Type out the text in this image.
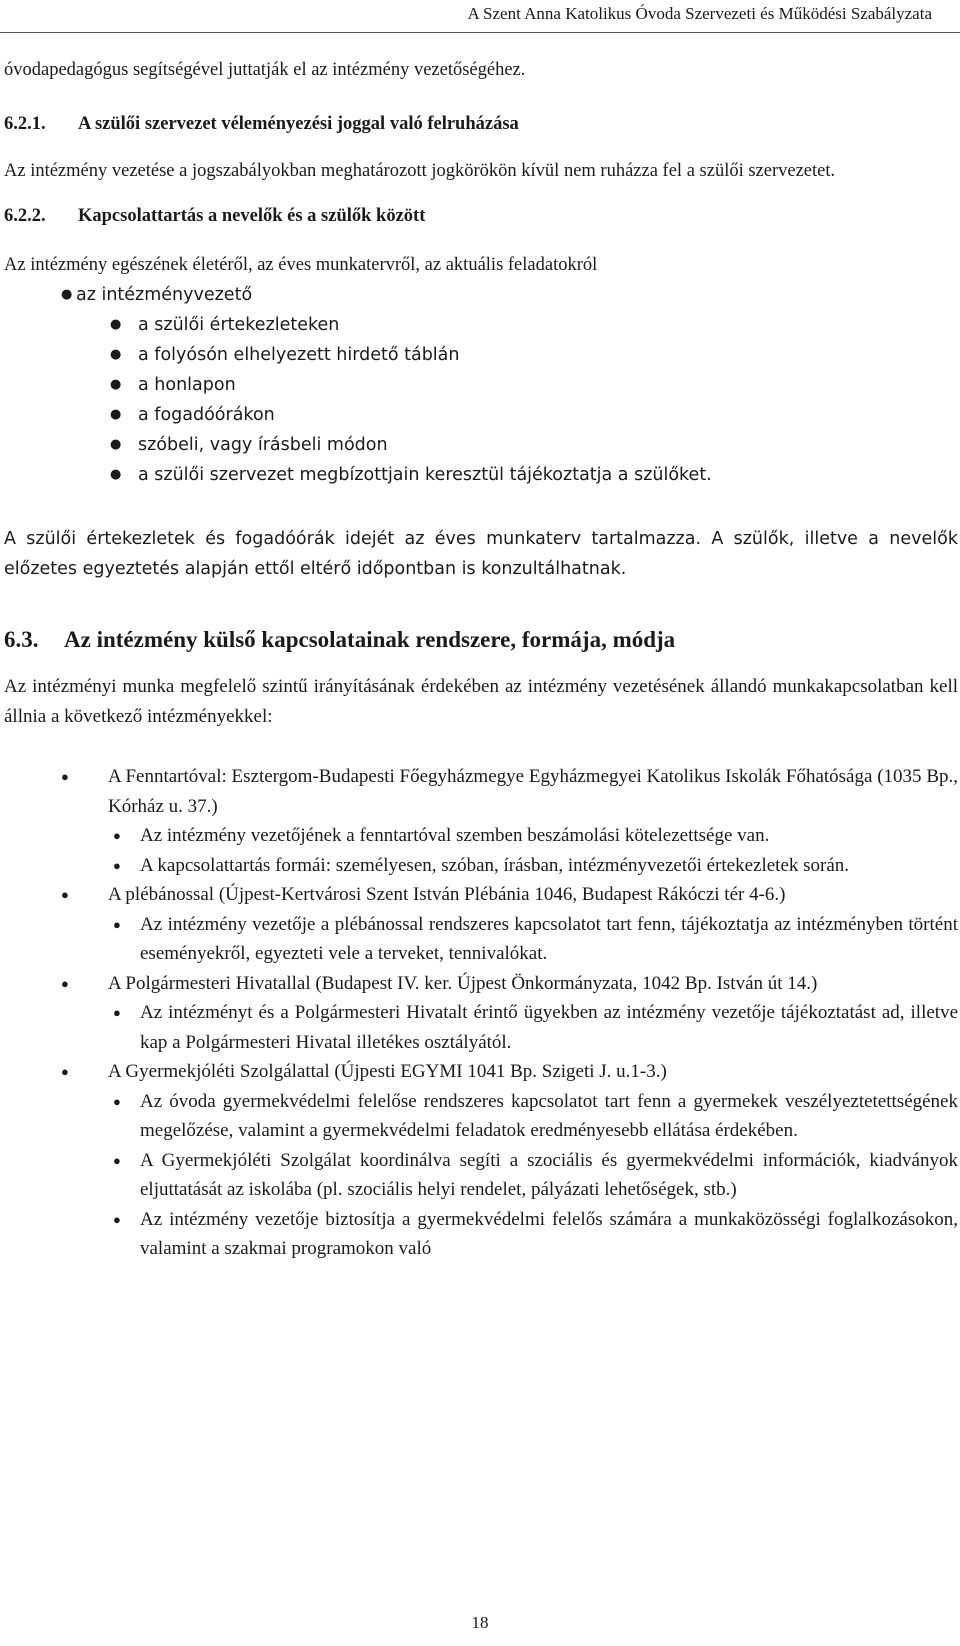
A Szent Anna Katolikus Óvoda Szervezeti és Működési Szabályzata

óvodapedagógus segítségével juttatják el az intézmény vezetőségéhez.

6.2.1. A szülői szervezet véleményezési joggal való felruházása

Az intézmény vezetése a jogszabályokban meghatározott jogkörökön kívül nem ruházza fel a szülői szervezetet.

6.2.2. Kapcsolattartás a nevelők és a szülők között

Az intézmény egészének életéről, az éves munkatervről, az aktuális feladatokról

● az intézményvezető
● a szülői értekezleteken
● a folyósón elhelyezett hirdető táblán
● a honlapon
● a fogadóórákon
● szóbeli, vagy írásbeli módon
● a szülői szervezet megbízottjain keresztül tájékoztatja a szülőket.

A szülői értekezletek és fogadóórák idejét az éves munkaterv tartalmazza. A szülők, illetve a nevelők előzetes egyeztetés alapján ettől eltérő időpontban is konzultálhatnak.

6.3. Az intézmény külső kapcsolatainak rendszere, formája, módja

Az intézményi munka megfelelő szintű irányításának érdekében az intézmény vezetésének állandó munkakapcsolatban kell állnia a következő intézményekkel:

● A Fenntartóval: Esztergom-Budapesti Főegyházmegye Egyházmegyei Katolikus Iskolák Főhatósága (1035 Bp., Kórház u. 37.)
● Az intézmény vezetőjének a fenntartóval szemben beszámolási kötelezettsége van.
● A kapcsolattartás formái: személyesen, szóban, írásban, intézményvezetői értekezletek során.
● A plébánossal (Újpest-Kertvárosi Szent István Plébánia 1046, Budapest Rákóczi tér 4-6.)
● Az intézmény vezetője a plébánossal rendszeres kapcsolatot tart fenn, tájékoztatja az intézményben történt eseményekről, egyezteti vele a terveket, tennivalókat.
● A Polgármesteri Hivatallal (Budapest IV. ker. Újpest Önkormányzata, 1042 Bp. István út 14.)
● Az intézményt és a Polgármesteri Hivatalt érintő ügyekben az intézmény vezetője tájékoztatást ad, illetve kap a Polgármesteri Hivatal illetékes osztályától.
● A Gyermekjóléti Szolgálattal (Újpesti EGYMI 1041 Bp. Szigeti J. u.1-3.)
● Az óvoda gyermekvédelmi felelőse rendszeres kapcsolatot tart fenn a gyermekek veszélyeztetettségének megelőzése, valamint a gyermekvédelmi feladatok eredményesebb ellátása érdekében.
● A Gyermekjóléti Szolgálat koordinálva segíti a szociális és gyermekvédelmi információk, kiadványok eljuttatását az iskolába (pl. szociális helyi rendelet, pályázati lehetőségek, stb.)
● Az intézmény vezetője biztosítja a gyermekvédelmi felelős számára a munkaközösségi foglalkozásokon, valamint a szakmai programokon való
18
